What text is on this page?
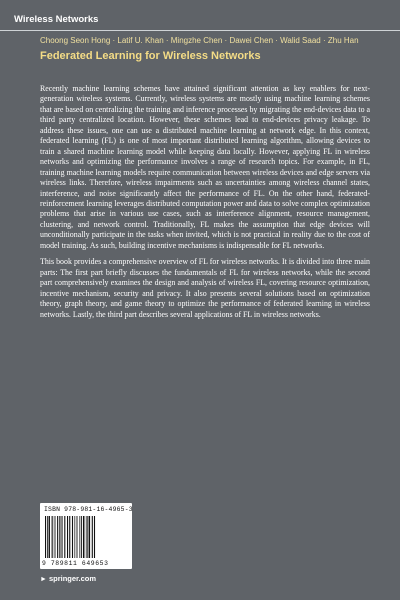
Wireless Networks
Choong Seon Hong · Latif U. Khan · Mingzhe Chen · Dawei Chen · Walid Saad · Zhu Han
Federated Learning for Wireless Networks

Recently machine learning schemes have attained significant attention as key enablers for next-generation wireless systems. Currently, wireless systems are mostly using machine learning schemes that are based on centralizing the training and inference processes by migrating the end-devices data to a third party centralized location. However, these schemes lead to end-devices privacy leakage. To address these issues, one can use a distributed machine learning at network edge. In this context, federated learning (FL) is one of most important distributed learning algorithm, allowing devices to train a shared machine learning model while keeping data locally. However, applying FL in wireless networks and optimizing the performance involves a range of research topics. For example, in FL, training machine learning models require communication between wireless devices and edge servers via wireless links. Therefore, wireless impairments such as uncertainties among wireless channel states, interference, and noise significantly affect the performance of FL. On the other hand, federated-reinforcement learning leverages distributed computation power and data to solve complex optimization problems that arise in various use cases, such as interference alignment, resource management, clustering, and network control. Traditionally, FL makes the assumption that edge devices will unconditionally participate in the tasks when invited, which is not practical in reality due to the cost of model training. As such, building incentive mechanisms is indispensable for FL networks.

This book provides a comprehensive overview of FL for wireless networks. It is divided into three main parts: The first part briefly discusses the fundamentals of FL for wireless networks, while the second part comprehensively examines the design and analysis of wireless FL, covering resource optimization, incentive mechanism, security and privacy. It also presents several solutions based on optimization theory, graph theory, and game theory to optimize the performance of federated learning in wireless networks. Lastly, the third part describes several applications of FL in wireless networks.

ISBN 978-981-16-4965-3
9 789811 649653
► springer.com
